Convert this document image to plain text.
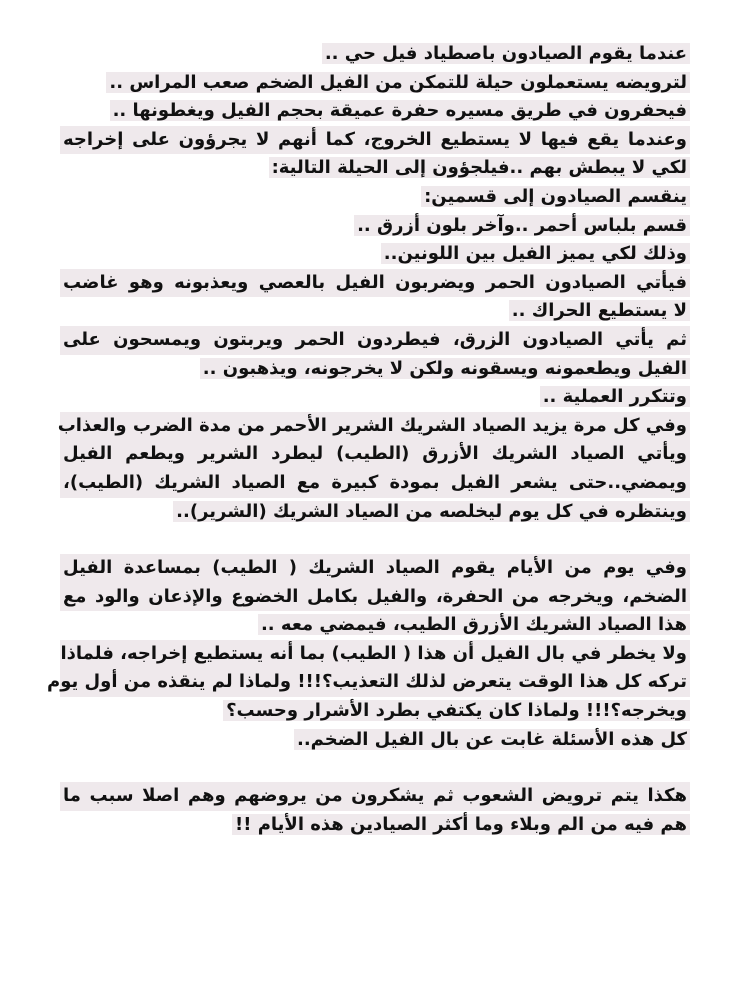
عندما يقوم الصيادون باصطياد فيل حي ..
لترويضه يستعملون حيلة للتمكن من الفيل الضخم صعب المراس ..
فيحفرون في طريق مسيره حفرة عميقة بحجم الفيل ويغطونها ..
وعندما يقع فيها لا يستطيع الخروج، كما أنهم لا يجرؤون على إخراجه
لكي لا يبطش بهم ..فيلجؤون إلى الحيلة التالية:
ينقسم الصيادون إلى قسمين:
قسم بلباس أحمر ..وآخر بلون أزرق ..
وذلك لكي يميز الفيل بين اللونين..
فيأتي الصيادون الحمر ويضربون الفيل بالعصي ويعذبونه وهو غاضب
لا يستطيع الحراك ..
ثم يأتي الصيادون الزرق، فيطردون الحمر ويربتون ويمسحون على
الفيل ويطعمونه ويسقونه ولكن لا يخرجونه، ويذهبون ..
وتتكرر العملية ..
وفي كل مرة يزيد الصياد الشريك الشرير الأحمر من مدة الضرب والعذاب
ويأتي الصياد الشريك الأزرق (الطيب) ليطرد الشرير ويطعم الفيل
ويمضي..حتى يشعر الفيل بمودة كبيرة مع الصياد الشريك (الطيب)،
وينتظره في كل يوم ليخلصه من الصياد الشريك (الشرير)..
وفي يوم من الأيام يقوم الصياد الشريك ( الطيب) بمساعدة الفيل
الضخم، ويخرجه من الحفرة، والفيل بكامل الخضوع والإذعان والود مع
هذا الصياد الشريك الأزرق الطيب، فيمضي معه ..
ولا يخطر في بال الفيل أن هذا ( الطيب) بما أنه يستطيع إخراجه، فلماذا
تركه كل هذا الوقت يتعرض لذلك التعذيب؟!!! ولماذا لم ينقذه من أول يوم
ويخرجه؟!!! ولماذا كان يكتفي بطرد الأشرار وحسب؟
كل هذه الأسئلة غابت عن بال الفيل الضخم..
هكذا يتم ترويض الشعوب ثم يشكرون من يروضهم وهم اصلا سبب ما
هم فيه من الم وبلاء وما أكثر الصيادين هذه الأيام !!
